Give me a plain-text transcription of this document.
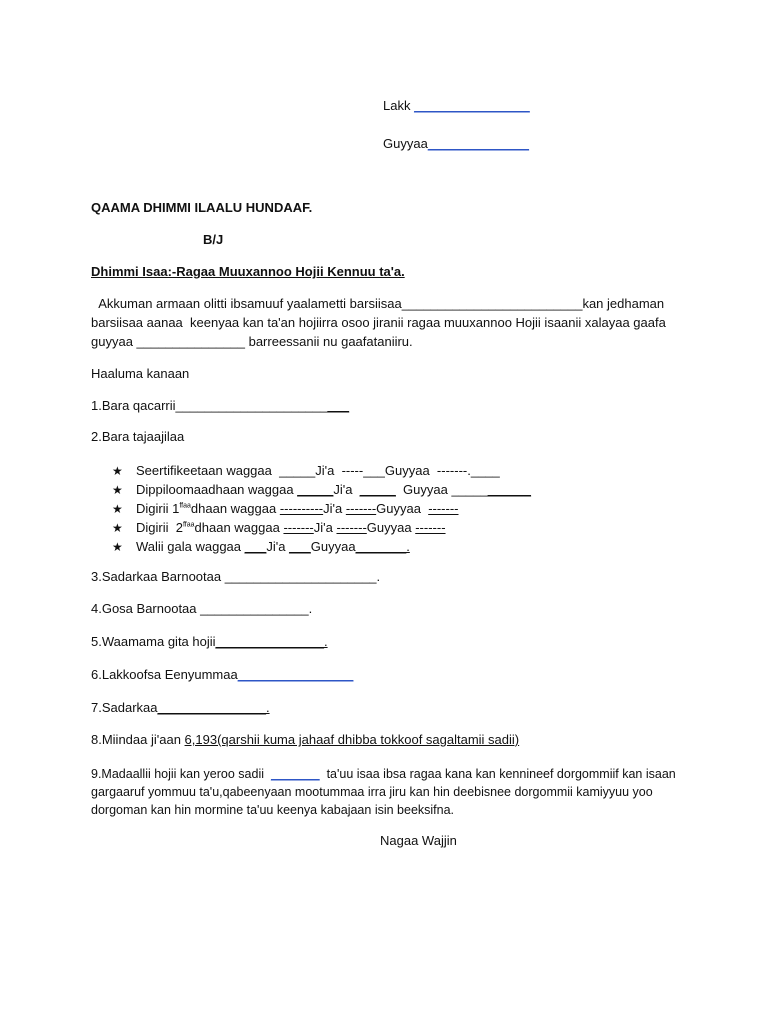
Lakk ________________
Guyyaa______________
QAAMA DHIMMI ILAALU HUNDAAF.
B/J
Dhimmi Isaa:-Ragaa Muuxannoo Hojii Kennuu ta'a.
Akkuman armaan olitti ibsamuuf yaalametti barsiisaa_________________________kan jedhaman barsiisaa aanaa  keenyaa kan ta'an hojiirra osoo jiranii ragaa muuxannoo Hojii isaanii xalayaa gaafa guyyaa _______________ barreessanii nu gaafataniiru.
Haaluma kanaan
1.Bara qacarrii________________________
2.Bara tajaajilaa
★ Seertifikeetaan waggaa  _____Ji'a  -----___Guyyaa  -------.____
★ Dippiloomaadhaan waggaa _____Ji'a  _____  Guyyaa ___________
★ Digirii $1^{ffaa}dhaan$ waggaa ----------Ji'a -------Guyyaa  -------
★ Digirii  $2^{ffaa}dhaan$ waggaa -------Ji'a -------Guyyaa -------
★ Walii gala waggaa ___Ji'a ___Guyyaa_______.
3.Sadarkaa Barnootaa _____________________.
4.Gosa Barnootaa _______________.
5.Waamama gita hojii_______________.
6.Lakkoofsa Eenyummaa________________
7.Sadarkaa_______________.
8.Miindaa ji'aan 6,193(qarshii kuma jahaaf dhibba tokkoof sagaltamii sadii)
9.Madaallii hojii kan yeroo sadii  _______  ta'uu isaa ibsa ragaa kana kan kennineef dorgommiif kan isaan gargaaruf yommuu ta'u,qabeenyaan mootummaa irra jiru kan hin deebisnee dorgommii kamiyyuu yoo dorgoman kan hin mormine ta'uu keenya kabajaan isin beeksifna.
Nagaa Wajjin
